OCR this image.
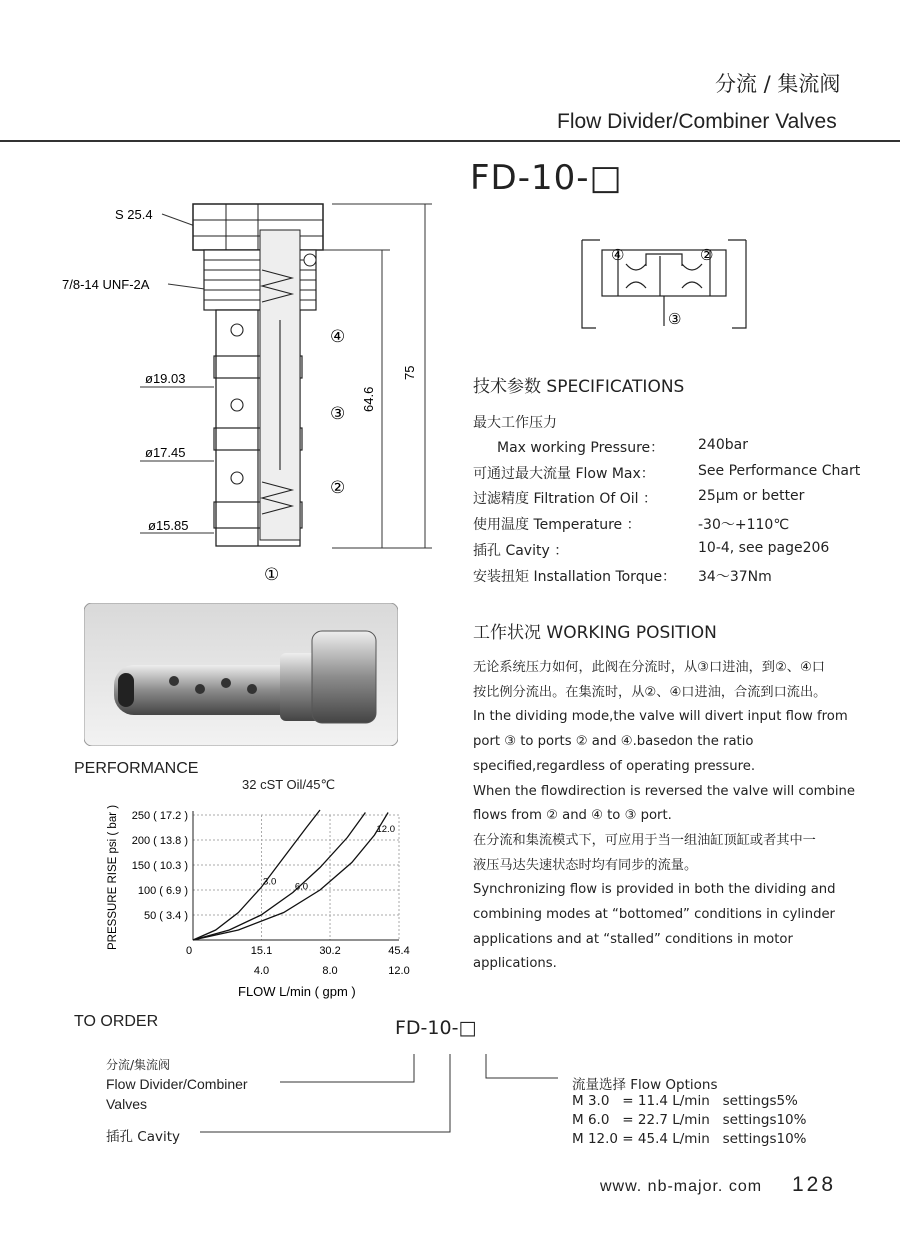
分流 / 集流阀
Flow Divider/Combiner Valves
FD-10-□
S 25.4
7/8-14 UNF-2A
ø19.03
ø17.45
ø15.85
75
64.6
④
③
②
①
④	②
③
技术参数 SPECIFICATIONS
最大工作压力
Max working Pressure： 240bar
可通过最大流量 Flow Max：	See Performance Chart
过滤精度 Filtration Of Oil ：	25μm or better
使用温度 Temperature ：	-30～+110℃
插孔 Cavity ：	10-4, see page206
安装扭矩 Installation Torque： 34～37Nm
工作状况 WORKING POSITION
无论系统压力如何，此阀在分流时，从③口进油，到②、④口
按比例分流出。在集流时，从②、④口进油，合流到口流出。
In the dividing mode,the valve will divert input flow from
port ③ to ports ② and ④.basedon the ratio
specified,regardless of operating pressure.
When the flowdirection is reversed the valve will combine
flows from ② and ④ to ③ port.
在分流和集流模式下，可应用于当一组油缸顶缸或者其中一
液压马达失速状态时均有同步的流量。
Synchronizing flow is provided in both the dividing and
combining modes at “bottomed” conditions in cylinder
applications and at “stalled” conditions in motor
applications.
PERFORMANCE
32 cST Oil/45℃
50 ( 3.4 )
100 ( 6.9 )
150 ( 10.3 )
200 ( 13.8 )
250 ( 17.2 )
0	15.1	30.2	45.4
4.0	8.0	12.0
3.0 6.0
12.0
PRESSURE RISE psi ( bar )
FLOW L/min ( gpm )
TO ORDER	FD-10-□
分流/集流阀
Flow Divider/Combiner
Valves
插孔 Cavity
流量选择 Flow Options
M 3.0   = 11.4 L/min   settings5%
M 6.0   = 22.7 L/min   settings10%
M 12.0 = 45.4 L/min   settings10%
www. nb-major. com 128
